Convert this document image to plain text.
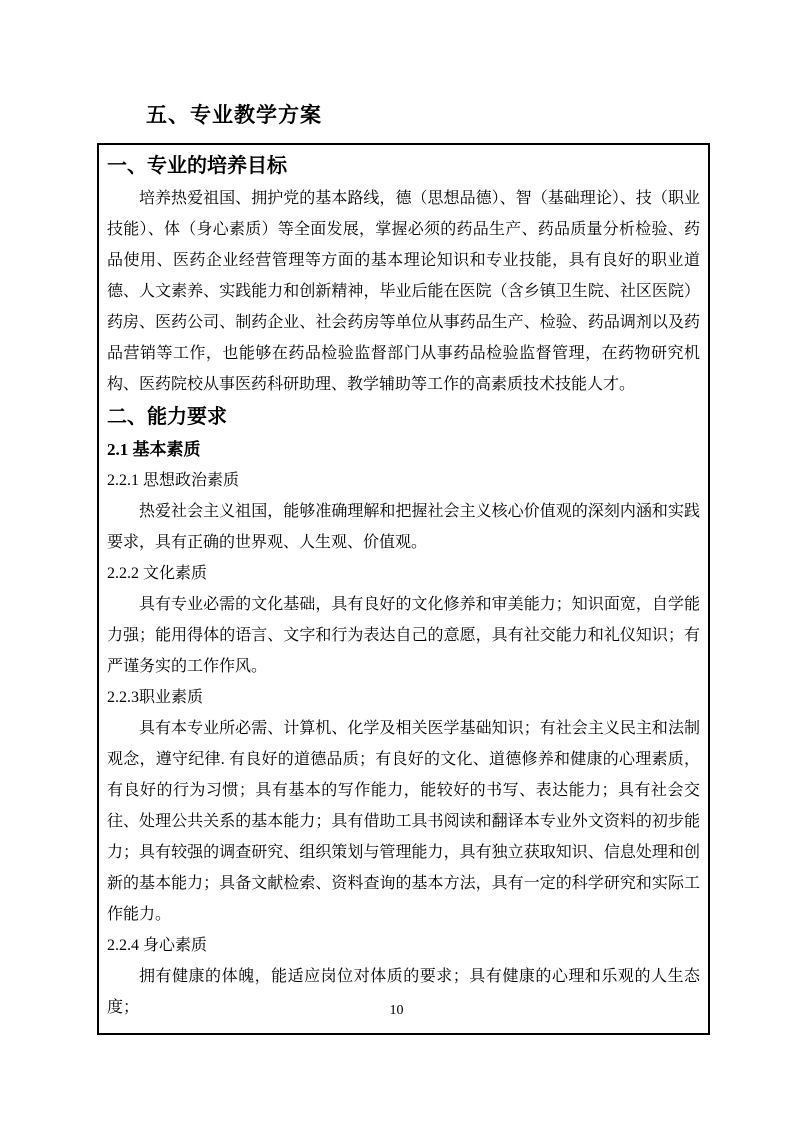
五、专业教学方案
一、专业的培养目标

培养热爱祖国、拥护党的基本路线，德（思想品德）、智（基础理论）、技（职业技能）、体（身心素质）等全面发展，掌握必须的药品生产、药品质量分析检验、药品使用、医药企业经营管理等方面的基本理论知识和专业技能，具有良好的职业道德、人文素养、实践能力和创新精神，毕业后能在医院（含乡镇卫生院、社区医院）药房、医药公司、制药企业、社会药房等单位从事药品生产、检验、药品调剂以及药品营销等工作，也能够在药品检验监督部门从事药品检验监督管理，在药物研究机构、医药院校从事医药科研助理、教学辅助等工作的高素质技术技能人才。

二、能力要求
2.1 基本素质
2.2.1 思想政治素质

热爱社会主义祖国，能够准确理解和把握社会主义核心价值观的深刻内涵和实践要求，具有正确的世界观、人生观、价值观。

2.2.2 文化素质

具有专业必需的文化基础，具有良好的文化修养和审美能力；知识面宽，自学能力强；能用得体的语言、文字和行为表达自己的意愿，具有社交能力和礼仪知识；有严谨务实的工作作风。

2.2.3职业素质

具有本专业所必需、计算机、化学及相关医学基础知识；有社会主义民主和法制观念，遵守纪律. 有良好的道德品质；有良好的文化、道德修养和健康的心理素质，有良好的行为习惯；具有基本的写作能力，能较好的书写、表达能力；具有社会交往、处理公共关系的基本能力；具有借助工具书阅读和翻译本专业外文资料的初步能力；具有较强的调查研究、组织策划与管理能力，具有独立获取知识、信息处理和创新的基本能力；具备文献检索、资料查询的基本方法，具有一定的科学研究和实际工作能力。

2.2.4 身心素质

拥有健康的体魄，能适应岗位对体质的要求；具有健康的心理和乐观的人生态度；	10
